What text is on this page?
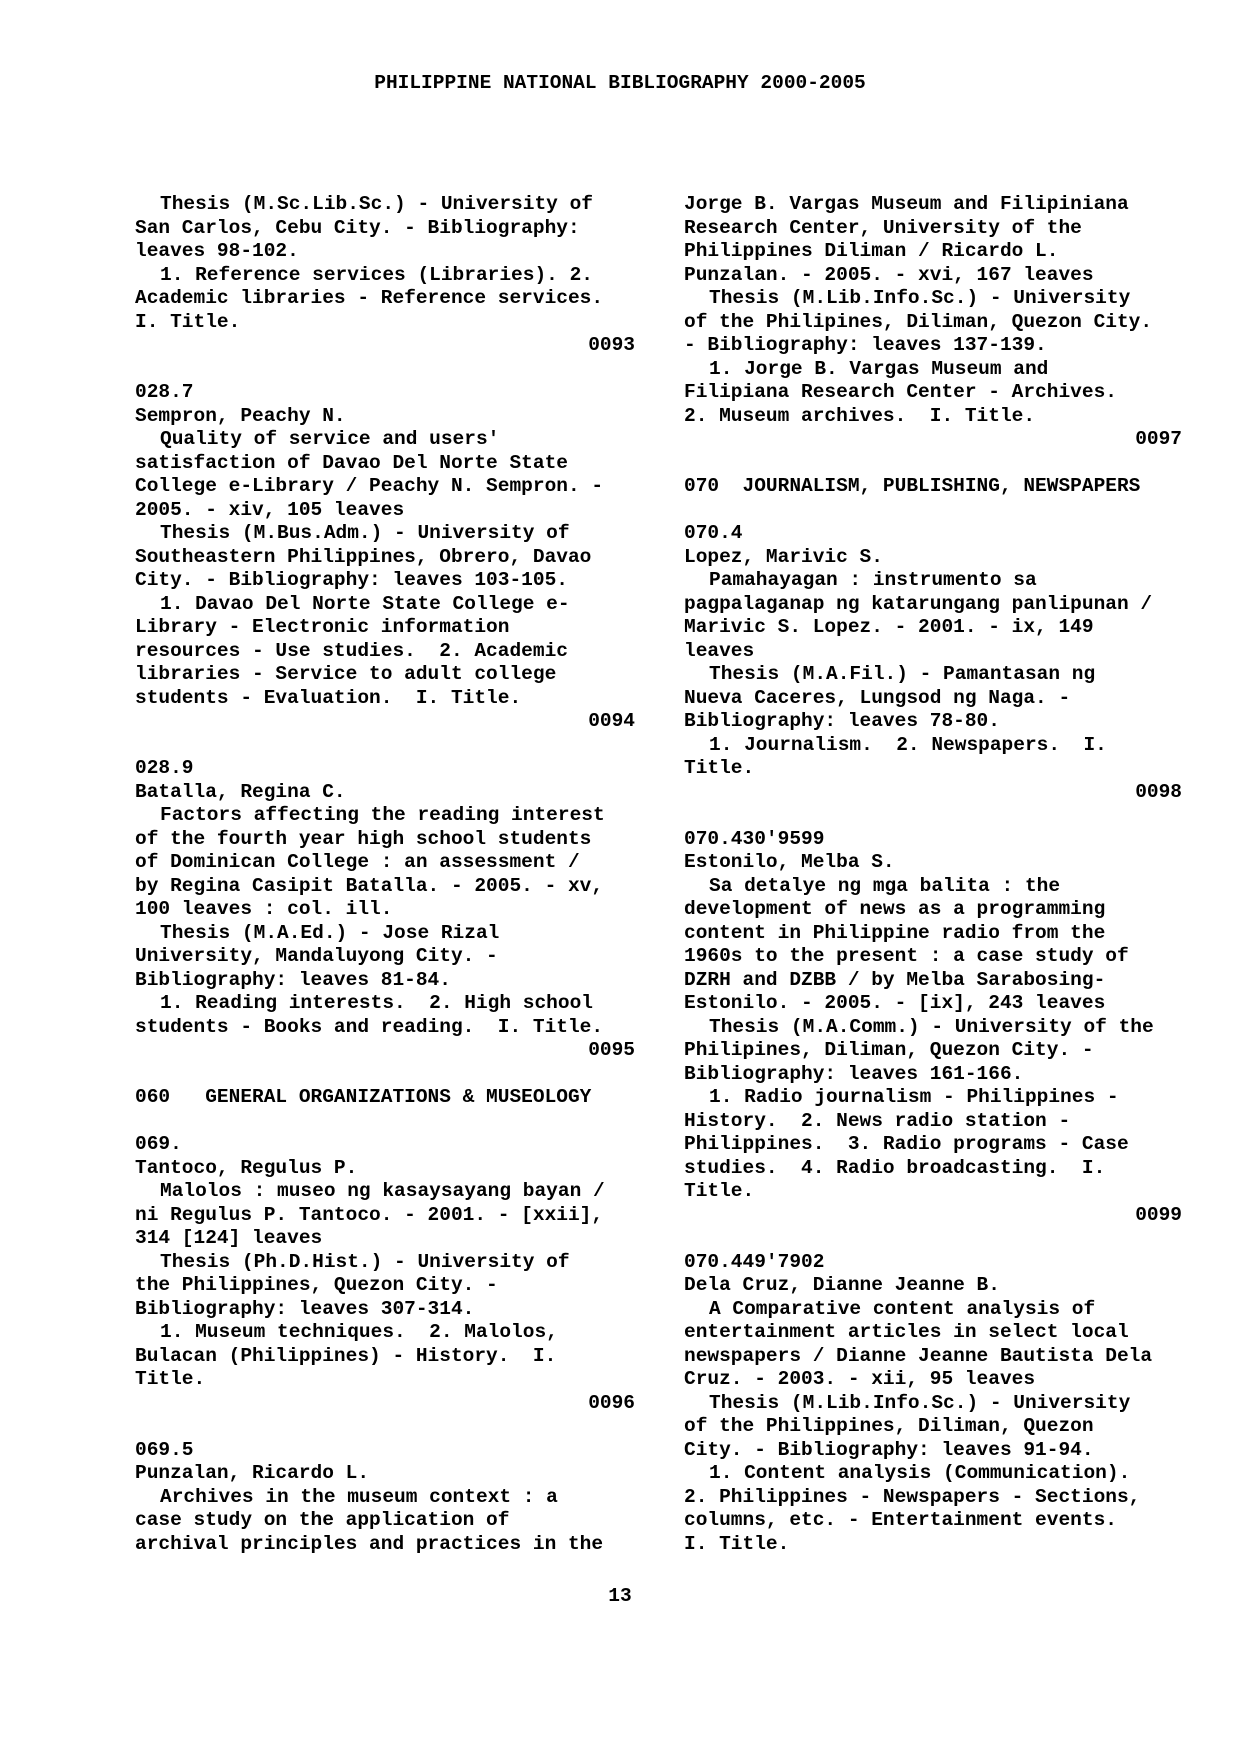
PHILIPPINE NATIONAL BIBLIOGRAPHY 2000-2005
Thesis (M.Sc.Lib.Sc.) - University of
San Carlos, Cebu City. - Bibliography:
leaves 98-102.
1. Reference services (Libraries). 2.
Academic libraries - Reference services.
I. Title.
0093
028.7
Sempron, Peachy N.
Quality of service and users'
satisfaction of Davao Del Norte State
College e-Library / Peachy N. Sempron. -
2005. - xiv, 105 leaves
Thesis (M.Bus.Adm.) - University of
Southeastern Philippines, Obrero, Davao
City. - Bibliography: leaves 103-105.
1. Davao Del Norte State College e-
Library - Electronic information
resources - Use studies.  2. Academic
libraries - Service to adult college
students - Evaluation.  I. Title.
0094
028.9
Batalla, Regina C.
Factors affecting the reading interest
of the fourth year high school students
of Dominican College : an assessment /
by Regina Casipit Batalla. - 2005. - xv,
100 leaves : col. ill.
Thesis (M.A.Ed.) - Jose Rizal
University, Mandaluyong City. -
Bibliography: leaves 81-84.
1. Reading interests.  2. High school
students - Books and reading.  I. Title.
0095
060   GENERAL ORGANIZATIONS & MUSEOLOGY
069.
Tantoco, Regulus P.
Malolos : museo ng kasaysayang bayan /
ni Regulus P. Tantoco. - 2001. - [xxii],
314 [124] leaves
Thesis (Ph.D.Hist.) - University of
the Philippines, Quezon City. -
Bibliography: leaves 307-314.
1. Museum techniques.  2. Malolos,
Bulacan (Philippines) - History.  I.
Title.
0096
069.5
Punzalan, Ricardo L.
Archives in the museum context : a
case study on the application of
archival principles and practices in the
Jorge B. Vargas Museum and Filipiniana
Research Center, University of the
Philippines Diliman / Ricardo L.
Punzalan. - 2005. - xvi, 167 leaves
Thesis (M.Lib.Info.Sc.) - University
of the Philipines, Diliman, Quezon City.
- Bibliography: leaves 137-139.
1. Jorge B. Vargas Museum and
Filipiana Research Center - Archives.
2. Museum archives.  I. Title.
0097
070  JOURNALISM, PUBLISHING, NEWSPAPERS
070.4
Lopez, Marivic S.
Pamahayagan : instrumento sa
pagpalaganap ng katarungang panlipunan /
Marivic S. Lopez. - 2001. - ix, 149
leaves
Thesis (M.A.Fil.) - Pamantasan ng
Nueva Caceres, Lungsod ng Naga. -
Bibliography: leaves 78-80.
1. Journalism.  2. Newspapers.  I.
Title.
0098
070.430'9599
Estonilo, Melba S.
Sa detalye ng mga balita : the
development of news as a programming
content in Philippine radio from the
1960s to the present : a case study of
DZRH and DZBB / by Melba Sarabosing-
Estonilo. - 2005. - [ix], 243 leaves
Thesis (M.A.Comm.) - University of the
Philipines, Diliman, Quezon City. -
Bibliography: leaves 161-166.
1. Radio journalism - Philippines -
History.  2. News radio station -
Philippines.  3. Radio programs - Case
studies.  4. Radio broadcasting.  I.
Title.
0099
070.449'7902
Dela Cruz, Dianne Jeanne B.
A Comparative content analysis of
entertainment articles in select local
newspapers / Dianne Jeanne Bautista Dela
Cruz. - 2003. - xii, 95 leaves
Thesis (M.Lib.Info.Sc.) - University
of the Philippines, Diliman, Quezon
City. - Bibliography: leaves 91-94.
1. Content analysis (Communication).
2. Philippines - Newspapers - Sections,
columns, etc. - Entertainment events.
I. Title.
13
